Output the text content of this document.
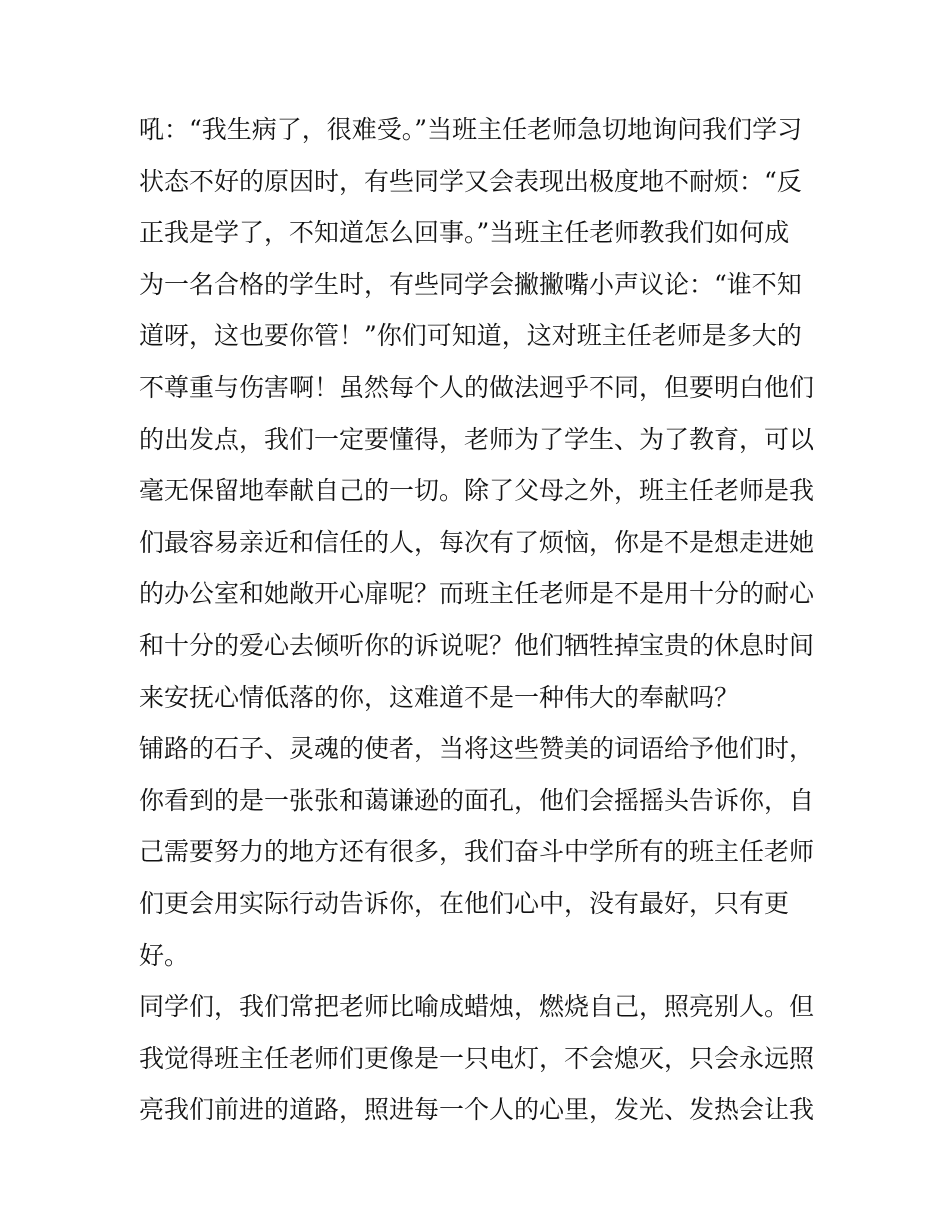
吼：“我生病了，很难受。”当班主任老师急切地询问我们学习
状态不好的原因时，有些同学又会表现出极度地不耐烦：“反
正我是学了，不知道怎么回事。”当班主任老师教我们如何成
为一名合格的学生时，有些同学会撇撇嘴小声议论：“谁不知
道呀，这也要你管！”你们可知道，这对班主任老师是多大的
不尊重与伤害啊！虽然每个人的做法迥乎不同，但要明白他们
的出发点，我们一定要懂得，老师为了学生、为了教育，可以
毫无保留地奉献自己的一切。除了父母之外，班主任老师是我
们最容易亲近和信任的人，每次有了烦恼，你是不是想走进她
的办公室和她敞开心扉呢？而班主任老师是不是用十分的耐心
和十分的爱心去倾听你的诉说呢？他们牺牲掉宝贵的休息时间
来安抚心情低落的你，这难道不是一种伟大的奉献吗？
铺路的石子、灵魂的使者，当将这些赞美的词语给予他们时，
你看到的是一张张和蔼谦逊的面孔，他们会摇摇头告诉你，自
己需要努力的地方还有很多，我们奋斗中学所有的班主任老师
们更会用实际行动告诉你，在他们心中，没有最好，只有更
好。
同学们，我们常把老师比喻成蜡烛，燃烧自己，照亮别人。但
我觉得班主任老师们更像是一只电灯，不会熄灭，只会永远照
亮我们前进的道路，照进每一个人的心里，发光、发热会让我
